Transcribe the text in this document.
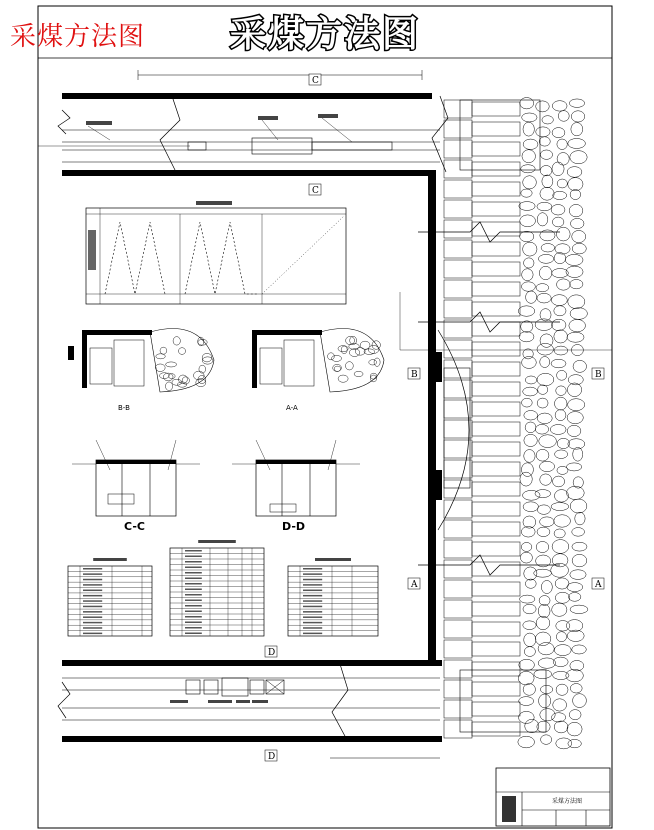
C
C
B	B
A	A
D
D
C-C	D-D
B-B	A-A
采煤方法图
采煤方法图 采煤方法图
